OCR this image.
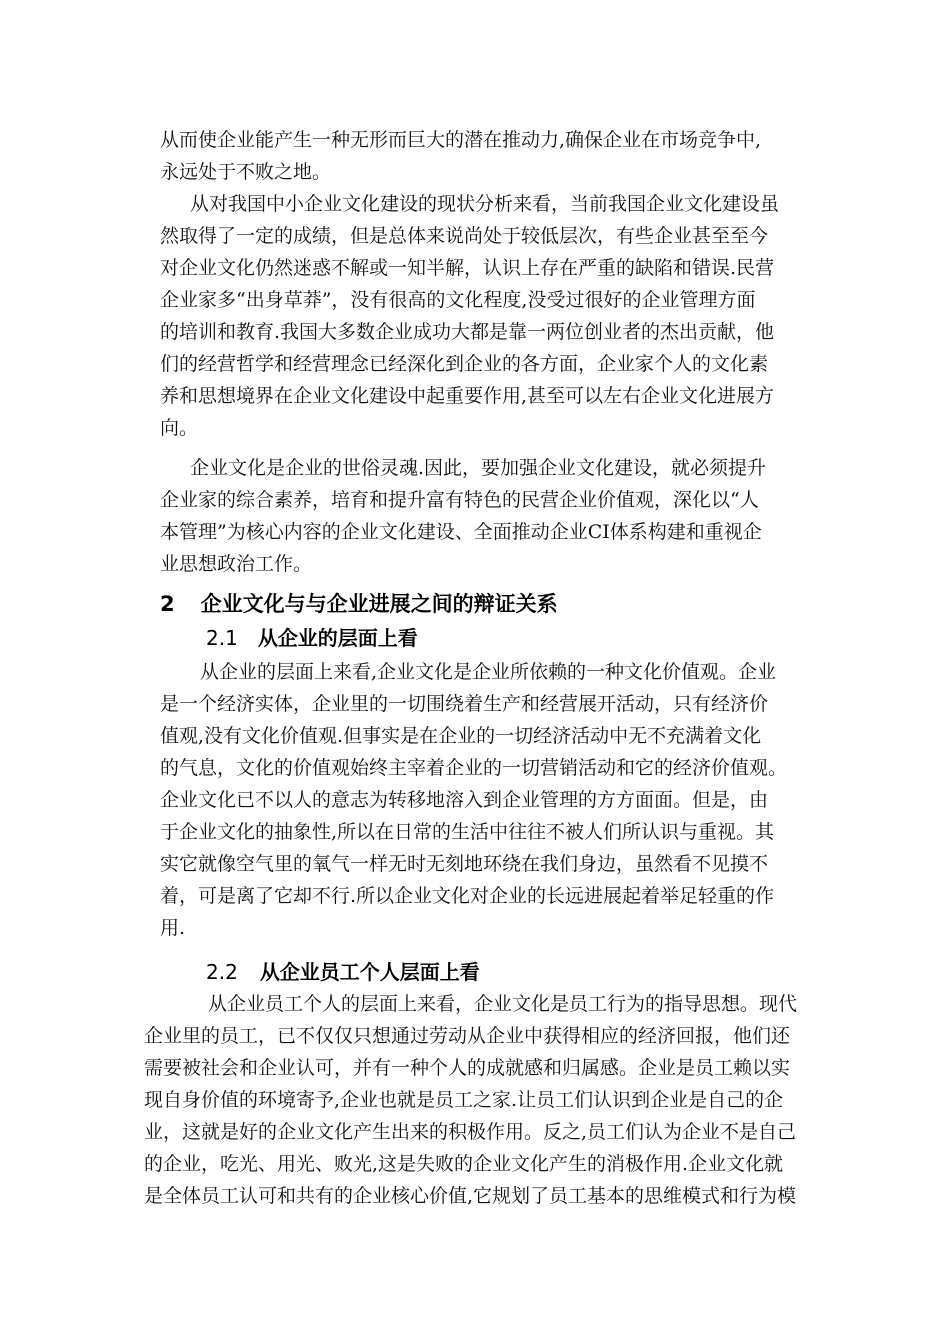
从而使企业能产生一种无形而巨大的潜在推动力,确保企业在市场竞争中,
永远处于不败之地。
从对我国中小企业文化建设的现状分析来看，当前我国企业文化建设虽
然取得了一定的成绩，但是总体来说尚处于较低层次，有些企业甚至至今
对企业文化仍然迷惑不解或一知半解，认识上存在严重的缺陷和错误.民营
企业家多“出身草莽”，没有很高的文化程度,没受过很好的企业管理方面
的培训和教育.我国大多数企业成功大都是靠一两位创业者的杰出贡献，他
们的经营哲学和经营理念已经深化到企业的各方面，企业家个人的文化素
养和思想境界在企业文化建设中起重要作用,甚至可以左右企业文化进展方
向。
企业文化是企业的世俗灵魂.因此，要加强企业文化建设，就必须提升
企业家的综合素养，培育和提升富有特色的民营企业价值观，深化以“人
本管理”为核心内容的企业文化建设、全面推动企业CI体系构建和重视企
业思想政治工作。
2 企业文化与与企业进展之间的辩证关系
2.1 从企业的层面上看
从企业的层面上来看,企业文化是企业所依赖的一种文化价值观。企业
是一个经济实体，企业里的一切围绕着生产和经营展开活动，只有经济价
值观,没有文化价值观.但事实是在企业的一切经济活动中无不充满着文化
的气息，文化的价值观始终主宰着企业的一切营销活动和它的经济价值观。
企业文化已不以人的意志为转移地溶入到企业管理的方方面面。但是，由
于企业文化的抽象性,所以在日常的生活中往往不被人们所认识与重视。其
实它就像空气里的氧气一样无时无刻地环绕在我们身边，虽然看不见摸不
着，可是离了它却不行.所以企业文化对企业的长远进展起着举足轻重的作
用.
2.2 从企业员工个人层面上看
从企业员工个人的层面上来看，企业文化是员工行为的指导思想。现代
企业里的员工，已不仅仅只想通过劳动从企业中获得相应的经济回报，他们还
需要被社会和企业认可，并有一种个人的成就感和归属感。企业是员工赖以实
现自身价值的环境寄予,企业也就是员工之家.让员工们认识到企业是自己的企
业，这就是好的企业文化产生出来的积极作用。反之,员工们认为企业不是自己
的企业，吃光、用光、败光,这是失败的企业文化产生的消极作用.企业文化就
是全体员工认可和共有的企业核心价值,它规划了员工基本的思维模式和行为模
